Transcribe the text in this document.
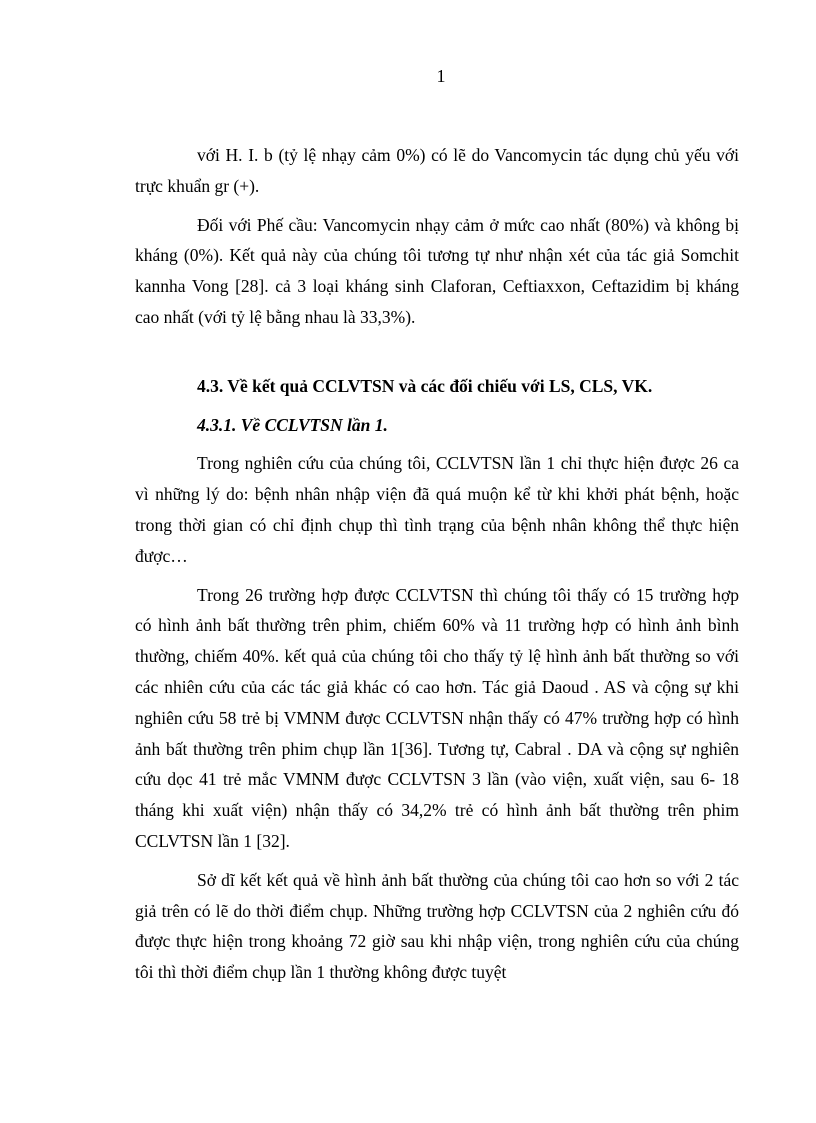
1

với H. I. b (tỷ lệ nhạy cảm 0%) có lẽ do Vancomycin tác dụng chủ yếu với trực khuẩn gr (+).

Đối với Phế cầu: Vancomycin nhạy cảm ở mức cao nhất (80%) và không bị kháng (0%). Kết quả này của chúng tôi tương tự như nhận xét của tác giả Somchit kannha Vong [28]. cả 3 loại kháng sinh Claforan, Ceftiaxxon, Ceftazidim bị kháng cao nhất (với tỷ lệ bằng nhau là 33,3%).

4.3. Về kết quả CCLVTSN và các đối chiếu với LS, CLS, VK.

4.3.1. Về CCLVTSN lần 1.

Trong nghiên cứu của chúng tôi, CCLVTSN lần 1 chỉ thực hiện được 26 ca vì những lý do: bệnh nhân nhập viện đã quá muộn kể từ khi khởi phát bệnh, hoặc trong thời gian có chỉ định chụp thì tình trạng của bệnh nhân không thể thực hiện được…

Trong 26 trường hợp được CCLVTSN thì chúng tôi thấy có 15 trường hợp có hình ảnh bất thường trên phim, chiếm 60% và 11 trường hợp có hình ảnh bình thường, chiếm 40%. kết quả của chúng tôi cho thấy tỷ lệ hình ảnh bất thường so với các nhiên cứu của các tác giả khác có cao hơn. Tác giả Daoud . AS và cộng sự khi nghiên cứu 58 trẻ bị VMNM được CCLVTSN nhận thấy có 47% trường hợp có hình ảnh bất thường trên phim chụp lần 1[36]. Tương tự, Cabral . DA và cộng sự nghiên cứu dọc 41 trẻ mắc VMNM được CCLVTSN 3 lần (vào viện, xuất viện, sau 6- 18 tháng khi xuất viện) nhận thấy có 34,2% trẻ có hình ảnh bất thường trên phim CCLVTSN lần 1 [32].

Sở dĩ kết kết quả về hình ảnh bất thường của chúng tôi cao hơn so với 2 tác giả trên có lẽ do thời điểm chụp. Những trường hợp CCLVTSN của 2 nghiên cứu đó được thực hiện trong khoảng 72 giờ sau khi nhập viện, trong nghiên cứu của chúng tôi thì thời điểm chụp lần 1 thường không được tuyệt
